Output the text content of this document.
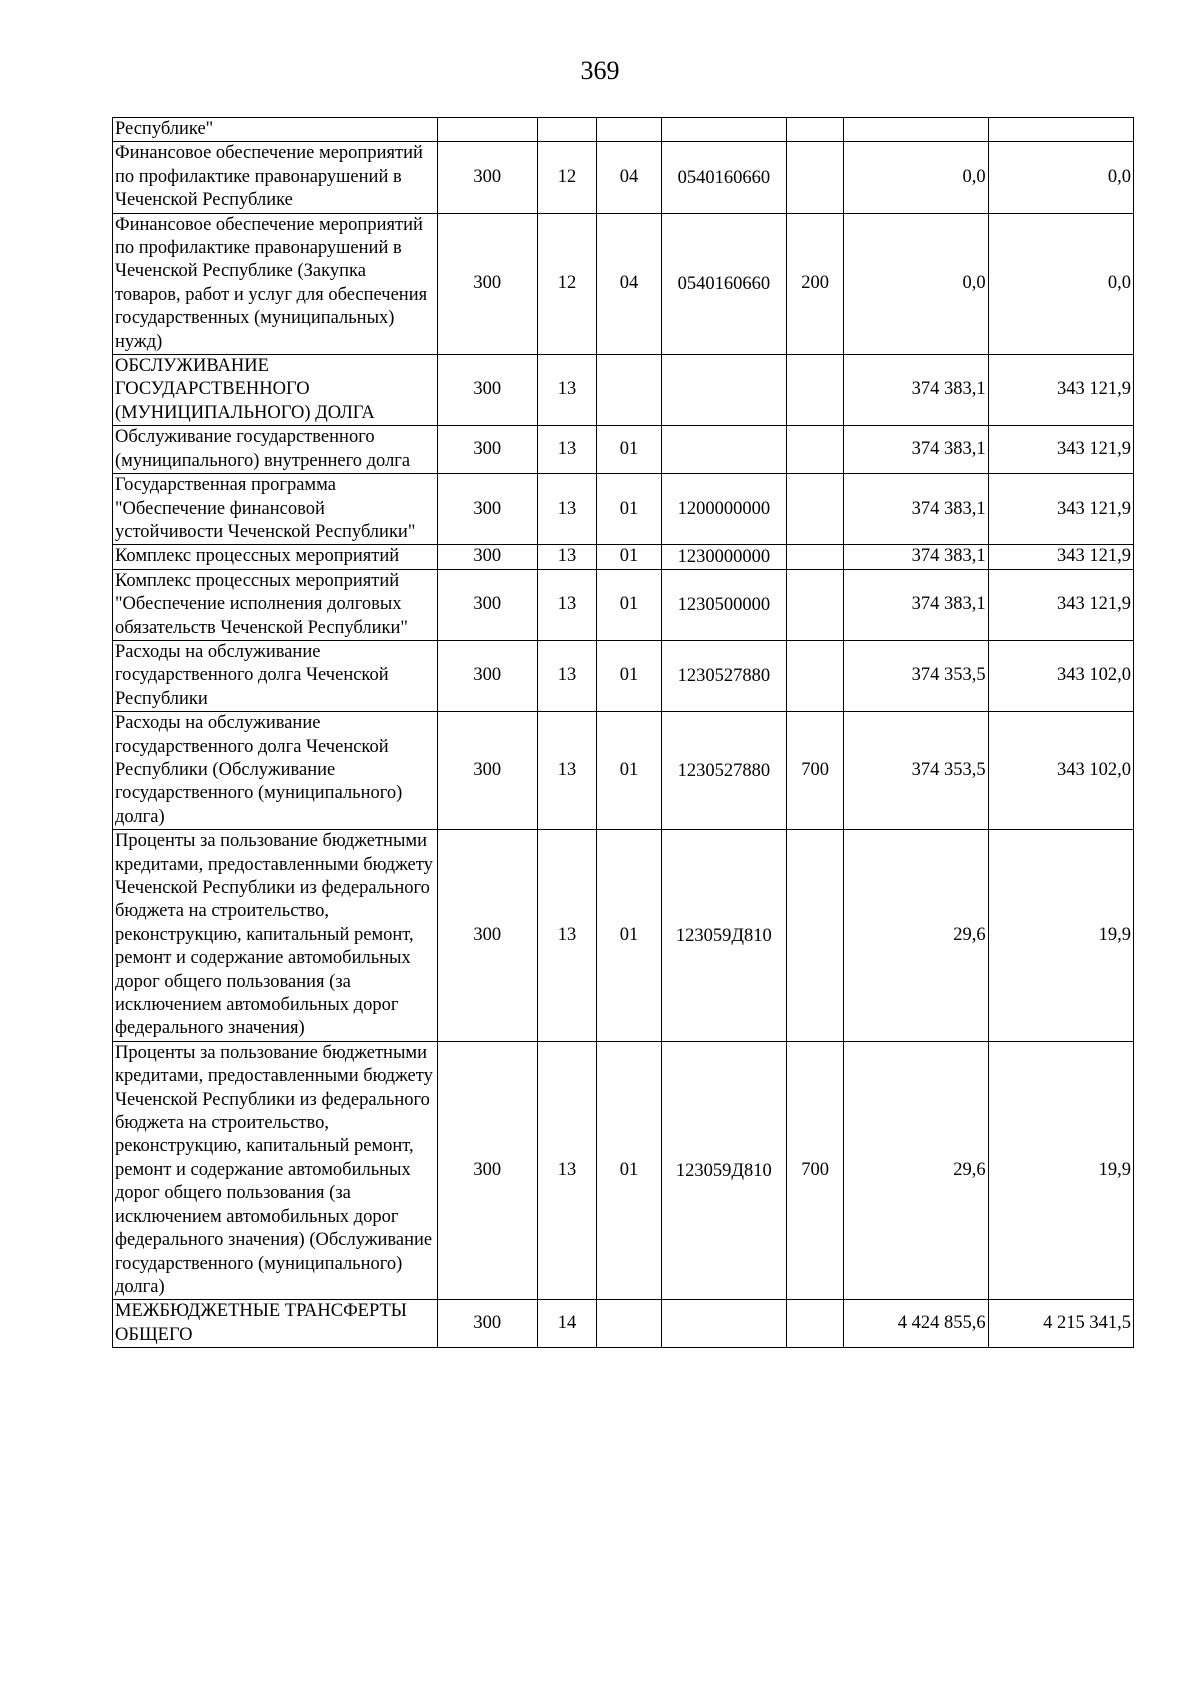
369
Республике"							
Финансовое обеспечение мероприятий по профилактике правонарушений в Чеченской Республике	300	12	04	0540160660		0,0	0,0
Финансовое обеспечение мероприятий по профилактике правонарушений в Чеченской Республике (Закупка товаров, работ и услуг для обеспечения государственных (муниципальных) нужд)	300	12	04	0540160660	200	0,0	0,0
ОБСЛУЖИВАНИЕ ГОСУДАРСТВЕННОГО (МУНИЦИПАЛЬНОГО) ДОЛГА	300	13				374 383,1	343 121,9
Обслуживание государственного (муниципального) внутреннего долга	300	13	01			374 383,1	343 121,9
Государственная программа "Обеспечение финансовой устойчивости Чеченской Республики"	300	13	01	1200000000		374 383,1	343 121,9
Комплекс процессных мероприятий	300	13	01	1230000000		374 383,1	343 121,9
Комплекс процессных мероприятий "Обеспечение исполнения долговых обязательств Чеченской Республики"	300	13	01	1230500000		374 383,1	343 121,9
Расходы на обслуживание государственного долга Чеченской Республики	300	13	01	1230527880		374 353,5	343 102,0
Расходы на обслуживание государственного долга Чеченской Республики (Обслуживание государственного (муниципального) долга)	300	13	01	1230527880	700	374 353,5	343 102,0
Проценты за пользование бюджетными кредитами, предоставленными бюджету Чеченской Республики из федерального бюджета на строительство, реконструкцию, капитальный ремонт, ремонт и содержание автомобильных дорог общего пользования (за исключением автомобильных дорог федерального значения)	300	13	01	123059Д810		29,6	19,9
Проценты за пользование бюджетными кредитами, предоставленными бюджету Чеченской Республики из федерального бюджета на строительство, реконструкцию, капитальный ремонт, ремонт и содержание автомобильных дорог общего пользования (за исключением автомобильных дорог федерального значения) (Обслуживание государственного (муниципального) долга)	300	13	01	123059Д810	700	29,6	19,9
МЕЖБЮДЖЕТНЫЕ ТРАНСФЕРТЫ ОБЩЕГО	300	14				4 424 855,6	4 215 341,5
